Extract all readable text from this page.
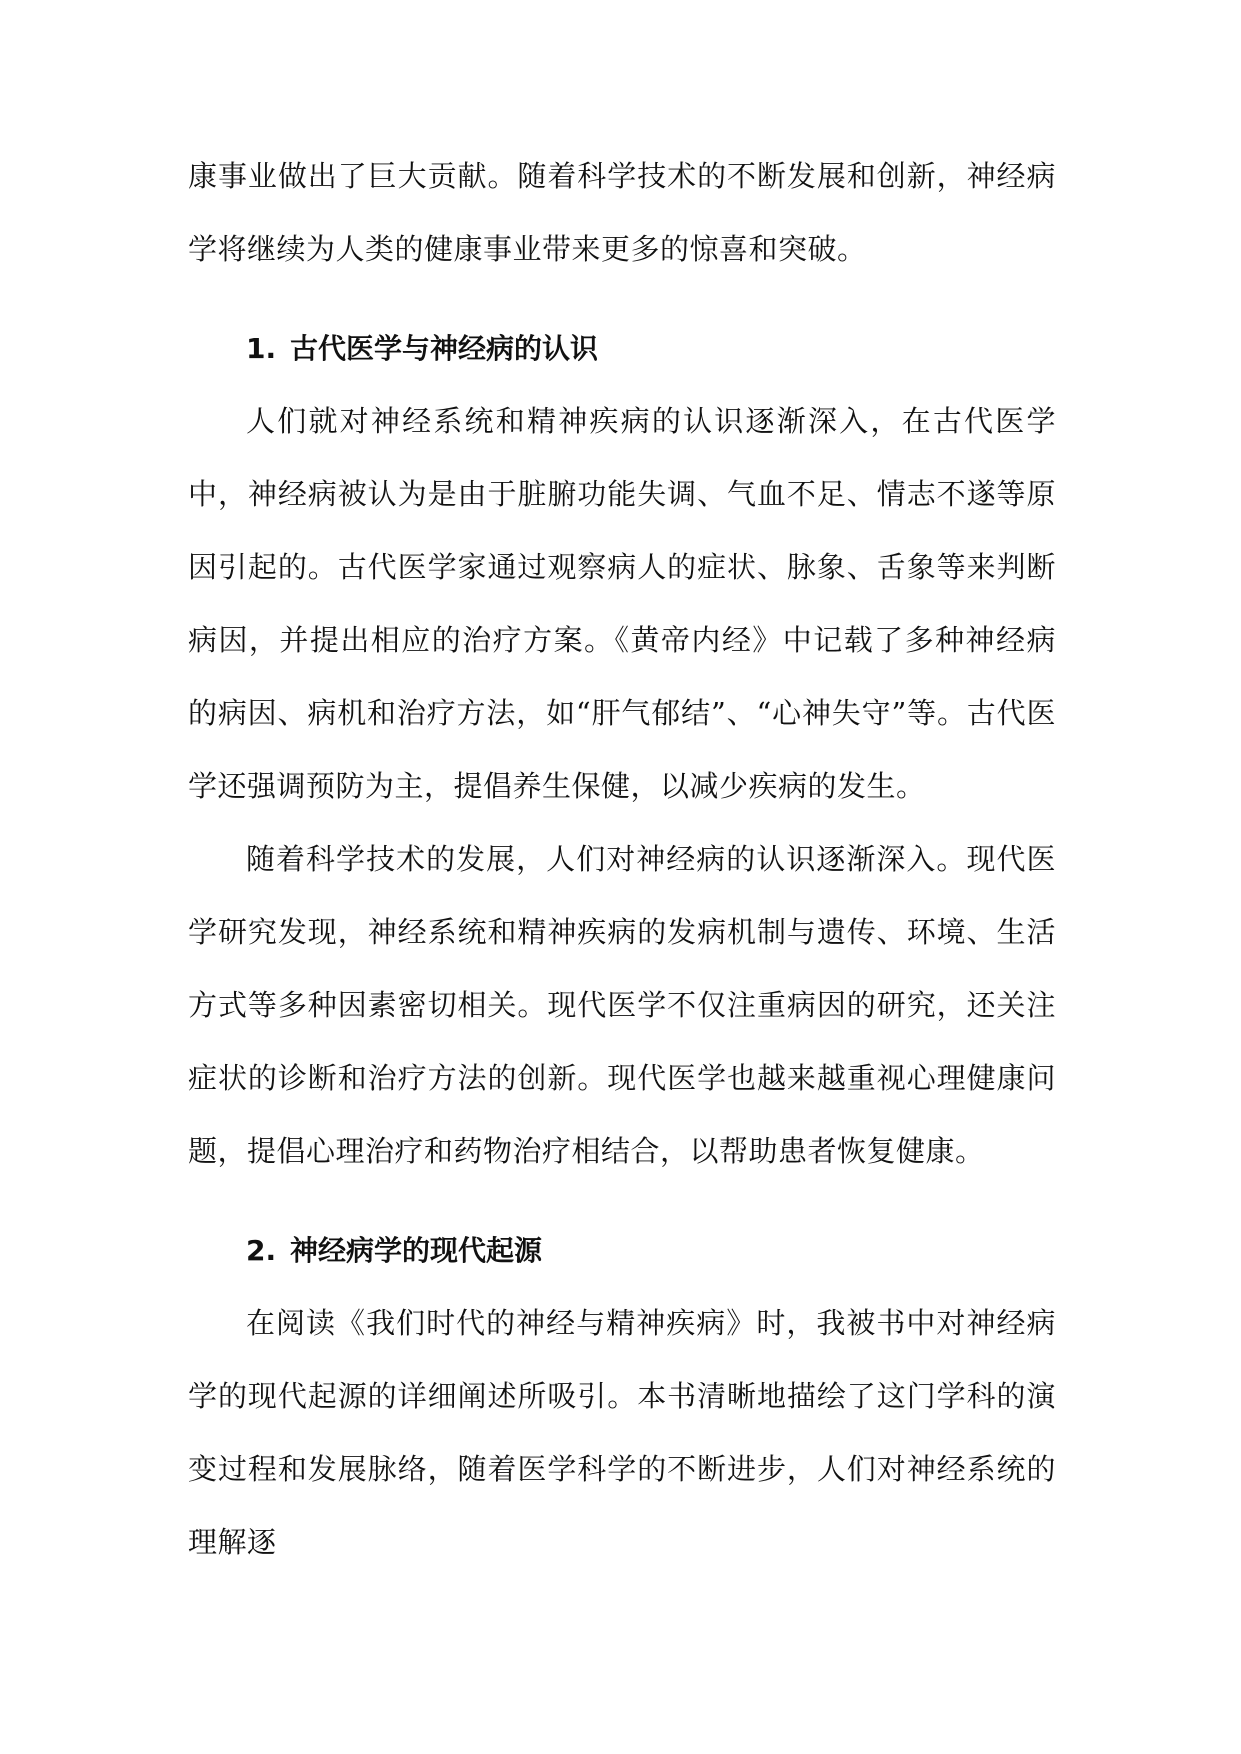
康事业做出了巨大贡献。随着科学技术的不断发展和创新，神经病学将继续为人类的健康事业带来更多的惊喜和突破。

1. 古代医学与神经病的认识

人们就对神经系统和精神疾病的认识逐渐深入，在古代医学中，神经病被认为是由于脏腑功能失调、气血不足、情志不遂等原因引起的。古代医学家通过观察病人的症状、脉象、舌象等来判断病因，并提出相应的治疗方案。《黄帝内经》中记载了多种神经病的病因、病机和治疗方法，如“肝气郁结”、“心神失守”等。古代医学还强调预防为主，提倡养生保健，以减少疾病的发生。

随着科学技术的发展，人们对神经病的认识逐渐深入。现代医学研究发现，神经系统和精神疾病的发病机制与遗传、环境、生活方式等多种因素密切相关。现代医学不仅注重病因的研究，还关注症状的诊断和治疗方法的创新。现代医学也越来越重视心理健康问题，提倡心理治疗和药物治疗相结合，以帮助患者恢复健康。

2. 神经病学的现代起源

在阅读《我们时代的神经与精神疾病》时，我被书中对神经病学的现代起源的详细阐述所吸引。本书清晰地描绘了这门学科的演变过程和发展脉络，随着医学科学的不断进步，人们对神经系统的理解逐
